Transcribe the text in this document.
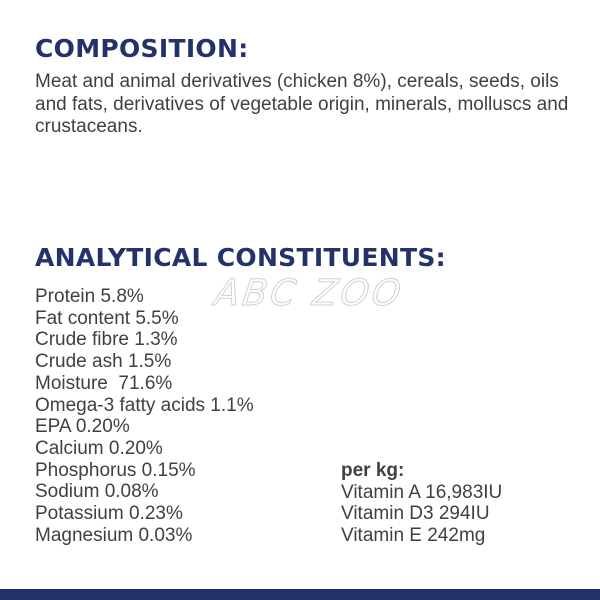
COMPOSITION:

Meat and animal derivatives (chicken 8%), cereals, seeds, oils and fats, derivatives of vegetable origin, minerals, molluscs and crustaceans.

ANALYTICAL CONSTITUENTS:
ABC ZOO
Protein 5.8%
Fat content 5.5%
Crude fibre 1.3%
Crude ash 1.5%
Moisture  71.6%
Omega-3 fatty acids 1.1%
EPA 0.20%
Calcium 0.20%
Phosphorus 0.15%
Sodium 0.08%
Potassium 0.23%
Magnesium 0.03%
per kg:
Vitamin A 16,983IU
Vitamin D3 294IU
Vitamin E 242mg
